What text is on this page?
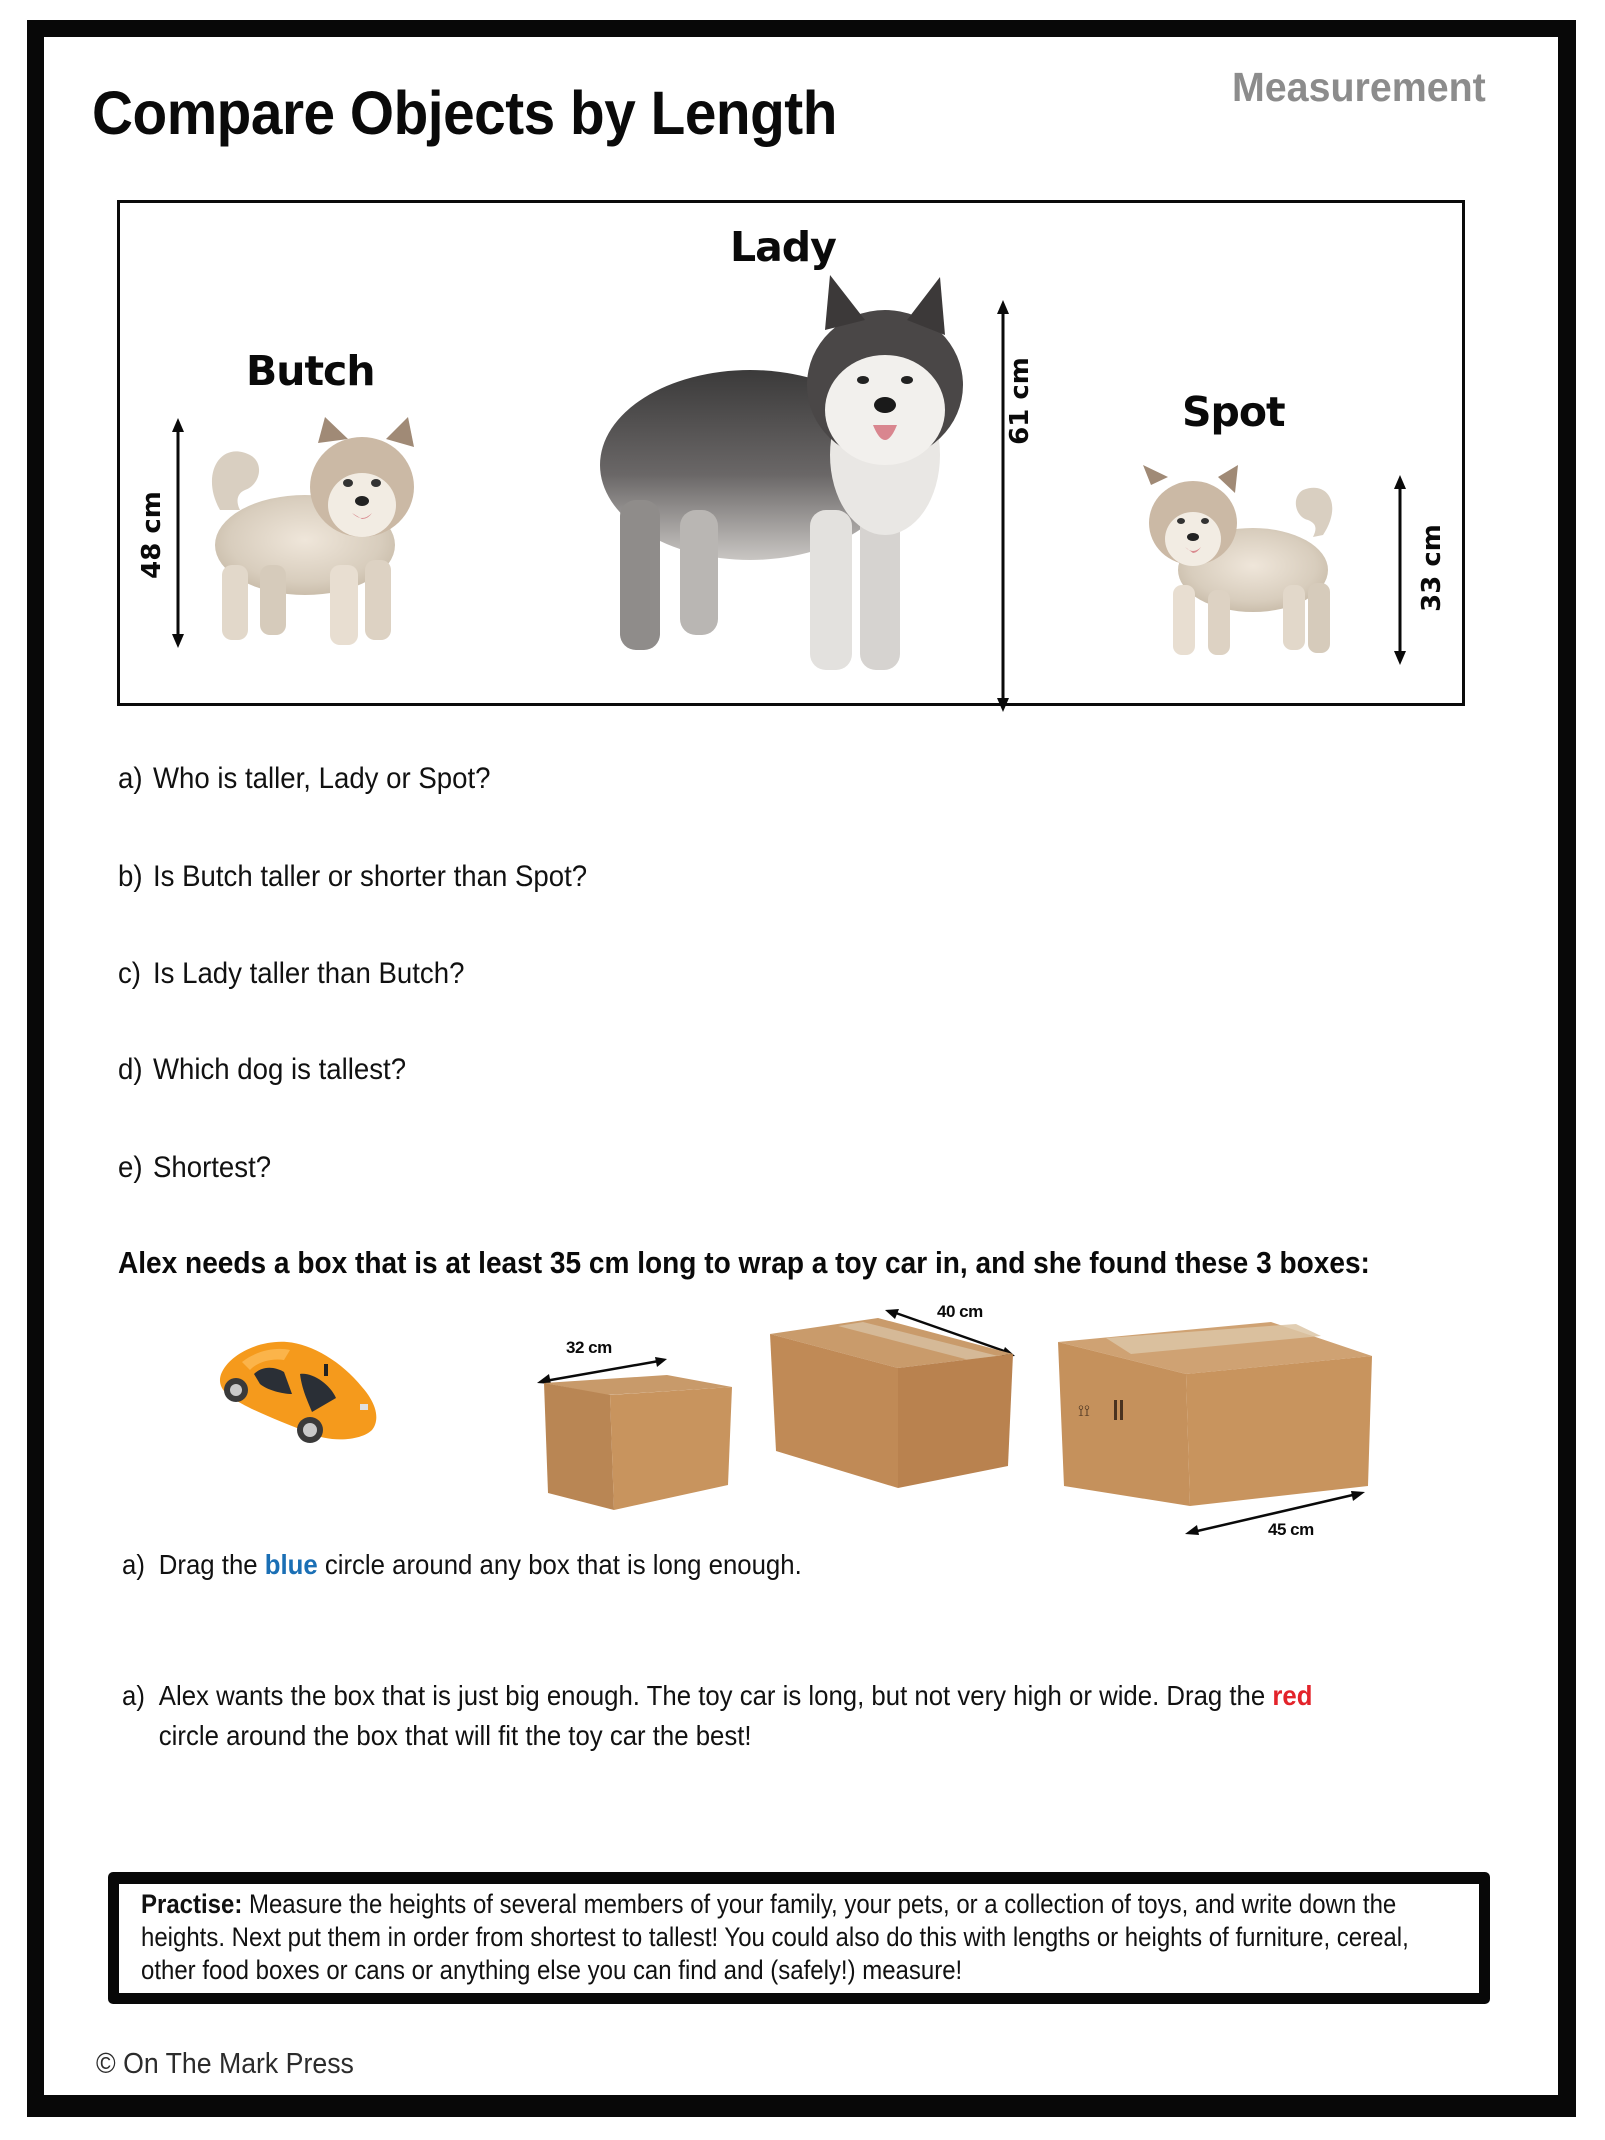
Compare Objects by Length	Measurement
Butch
48 cm
Lady
61 cm	Spot
33 cm
a) Who is taller, Lady or Spot?
b) Is Butch taller or shorter than Spot?
c) Is Lady taller than Butch?
d) Which dog is tallest?
e) Shortest?
Alex needs a box that is at least 35 cm long to wrap a toy car in, and she found these 3 boxes:
32 cm
40 cm
⟟⟟
45 cm
a) Drag the blue circle around any box that is long enough.
a) Alex wants the box that is just big enough. The toy car is long, but not very high or wide. Drag the red
circle around the box that will fit the toy car the best!
Practise: Measure the heights of several members of your family, your pets, or a collection of toys, and write down the heights. Next put them in order from shortest to tallest! You could also do this with lengths or heights of furniture, cereal, other food boxes or cans or anything else you can find and (safely!) measure!
© On The Mark Press
